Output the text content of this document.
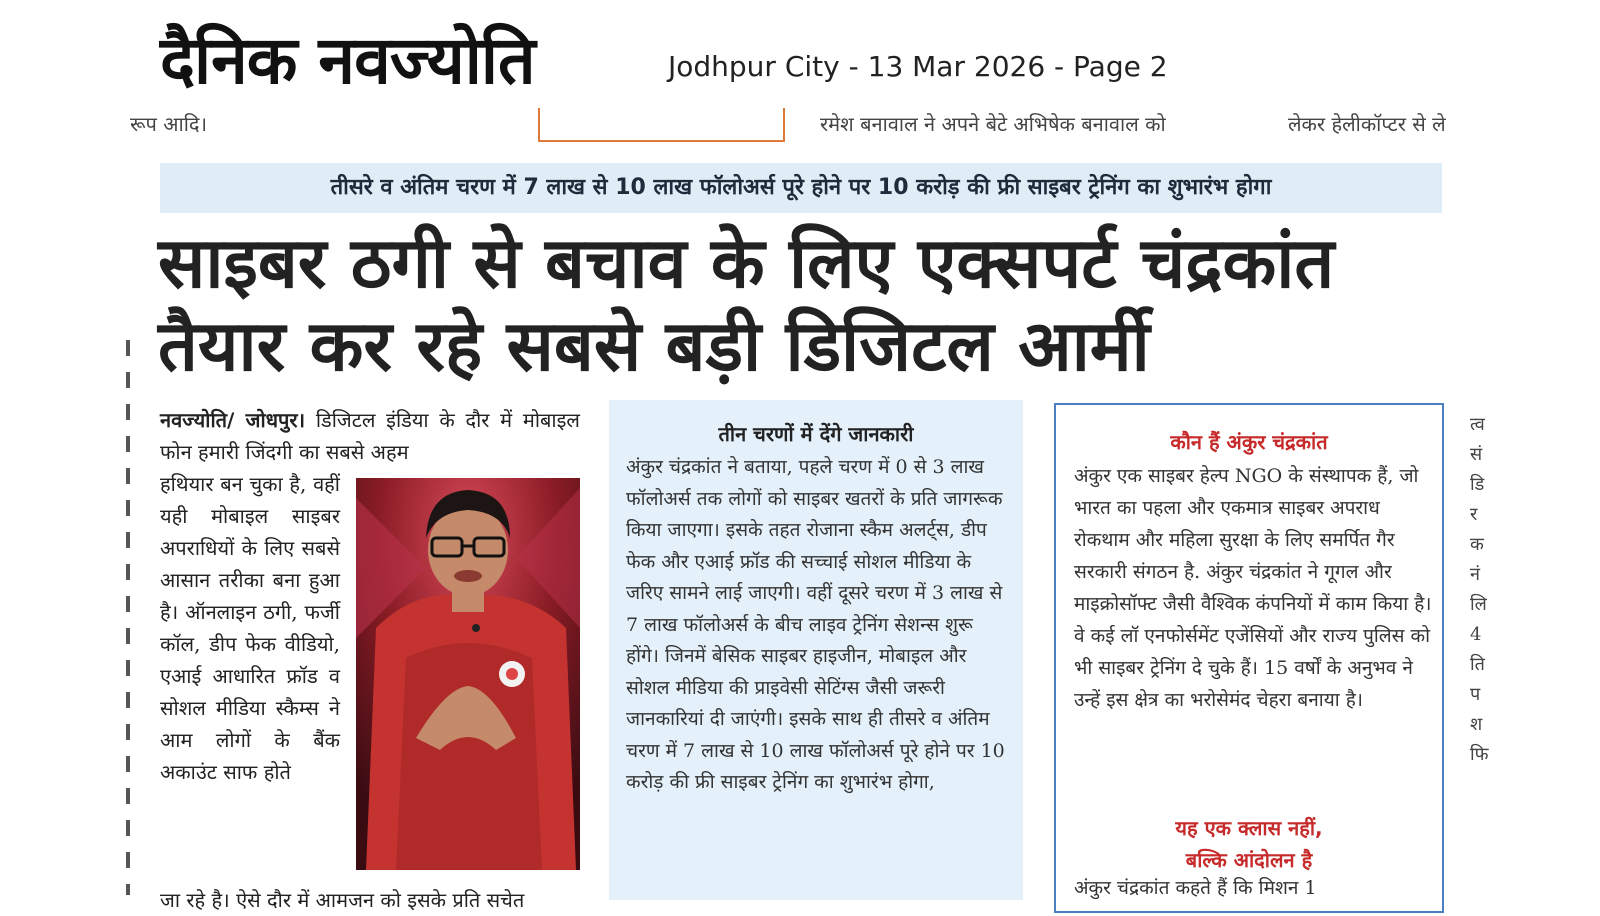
दैनिक नवज्योति	Jodhpur City - 13 Mar 2026 - Page 2
रूप आदि।	रमेश बनावाल ने अपने बेटे अभिषेक बनावाल को	लेकर हेलीकॉप्टर से ले
तीसरे व अंतिम चरण में 7 लाख से 10 लाख फॉलोअर्स पूरे होने पर 10 करोड़ की फ्री साइबर ट्रेनिंग का शुभारंभ होगा
साइबर ठगी से बचाव के लिए एक्सपर्ट चंद्रकांत
तैयार कर रहे सबसे बड़ी डिजिटल आर्मी
त्व सं डि र क नं लि 4 ति प श फि
नवज्योति/ जोधपुर। डिजिटल इंडिया के दौर में मोबाइल फोन हमारी जिंदगी का सबसे अहम
हथियार बन चुका है, वहीं यही मोबाइल साइबर अपराधियों के लिए सबसे आसान तरीका बना हुआ है। ऑनलाइन ठगी, फर्जी कॉल, डीप फेक वीडियो, एआई आधारित फ्रॉड व सोशल मीडिया स्कैम्स ने आम लोगों के बैंक अकाउंट साफ होते
जा रहे है। ऐसे दौर में आमजन को इसके प्रति सचेत
तीन चरणों में देंगे जानकारी
अंकुर चंद्रकांत ने बताया, पहले चरण में 0 से 3 लाख फॉलोअर्स तक लोगों को साइबर खतरों के प्रति जागरूक किया जाएगा। इसके तहत रोजाना स्कैम अलर्ट्स, डीप फेक और एआई फ्रॉड की सच्चाई सोशल मीडिया के जरिए सामने लाई जाएगी। वहीं दूसरे चरण में 3 लाख से 7 लाख फॉलोअर्स के बीच लाइव ट्रेनिंग सेशन्स शुरू होंगे। जिनमें बेसिक साइबर हाइजीन, मोबाइल और सोशल मीडिया की प्राइवेसी सेटिंग्स जैसी जरूरी जानकारियां दी जाएंगी। इसके साथ ही तीसरे व अंतिम चरण में 7 लाख से 10 लाख फॉलोअर्स पूरे होने पर 10 करोड़ की फ्री साइबर ट्रेनिंग का शुभारंभ होगा,
कौन हैं अंकुर चंद्रकांत
अंकुर एक साइबर हेल्प NGO के संस्थापक हैं, जो भारत का पहला और एकमात्र साइबर अपराध रोकथाम और महिला सुरक्षा के लिए समर्पित गैर सरकारी संगठन है. अंकुर चंद्रकांत ने गूगल और माइक्रोसॉफ्ट जैसी वैश्विक कंपनियों में काम किया है। वे कई लॉ एनफोर्समेंट एजेंसियों और राज्य पुलिस को भी साइबर ट्रेनिंग दे चुके हैं। 15 वर्षों के अनुभव ने उन्हें इस क्षेत्र का भरोसेमंद चेहरा बनाया है।
यह एक क्लास नहीं,
बल्कि आंदोलन है
अंकुर चंद्रकांत कहते हैं कि मिशन 1
